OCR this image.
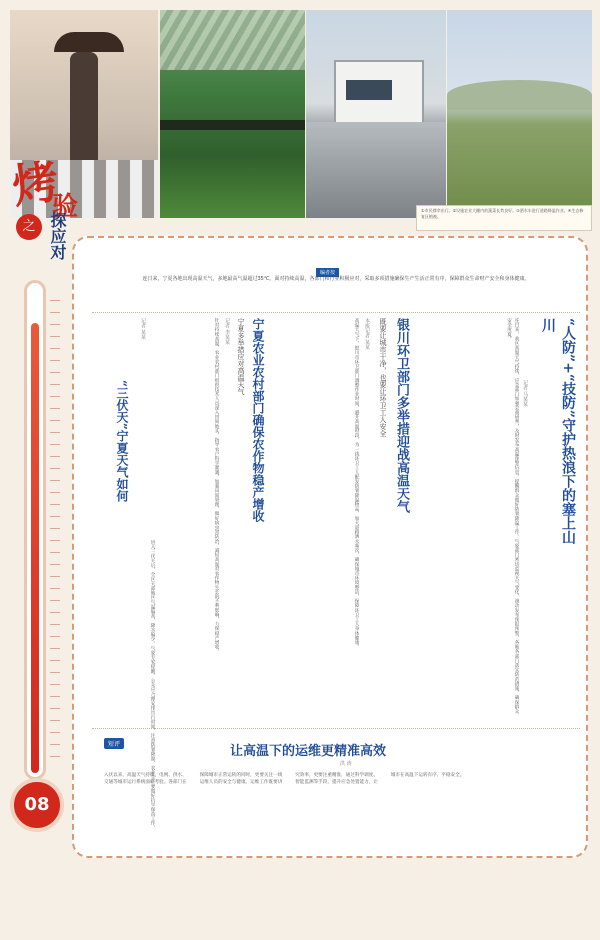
烤
验
之 探应对
①市民撑伞出行。②设施农业大棚内的蔬菜长势良好。③洒水车进行道路降温作业。④生态修复区植被。
08
编者按
连日来，宁夏各地出现高温天气，多地最高气温超过35℃。面对持续高温，各部门和行业积极应对，采取多项措施确保生产生活正常有序，保障群众生命财产安全和身体健康。
“人防”+“技防”守护热浪下的塞上山川
记者 马某某
连日来，我区高温天气持续，应急部门加强会商研判，及时发布高温预警信息，提醒群众做好防暑降温工作。气象部门密切监视天气变化，滚动发布预报预警，各地各部门落实防范措施，确保群众安全度夏。
银川环卫部门多举措迎战高温天气
既要让城市干净，也要让环卫工人安全
本报记者 某某
高温天气下，银川市环卫部门调整作业时间，避开高温时段，为一线环卫工人配发防暑降温物品，加大道路洒水频次，确保城市环境整洁，保障环卫工人身体健康。
宁夏农业农村部门确保农作物稳产增收
宁夏多举措应对高温天气
记者 李某某
针对持续高温，农业农村部门组织技术人员深入田间地头，指导农户科学灌溉，加强田间管理，做好病虫害防治，减轻高温对农作物生长的不利影响，力保稳产增收。
“三伏天”宁夏天气如何
记者 某某
进入三伏天后，全区大部地区气温偏高，降水偏少。气象专家提醒，公众应合理安排出行时间，注意防暑降温，农业生产要做好抗旱保苗工作。
短评	让高温下的运维更精准高效
洪 涛
入伏以来，高温天气持续，电网、供水、交通等城市运行系统面临考验。各部门在保障城市正常运转的同时，更要关注一线运维人员的安全与健康。运维工作既要讲究效率，更要注重精准，通过科学调度、智能监测等手段，提升应急处置能力，让城市在高温下运转有序、平稳安全。
